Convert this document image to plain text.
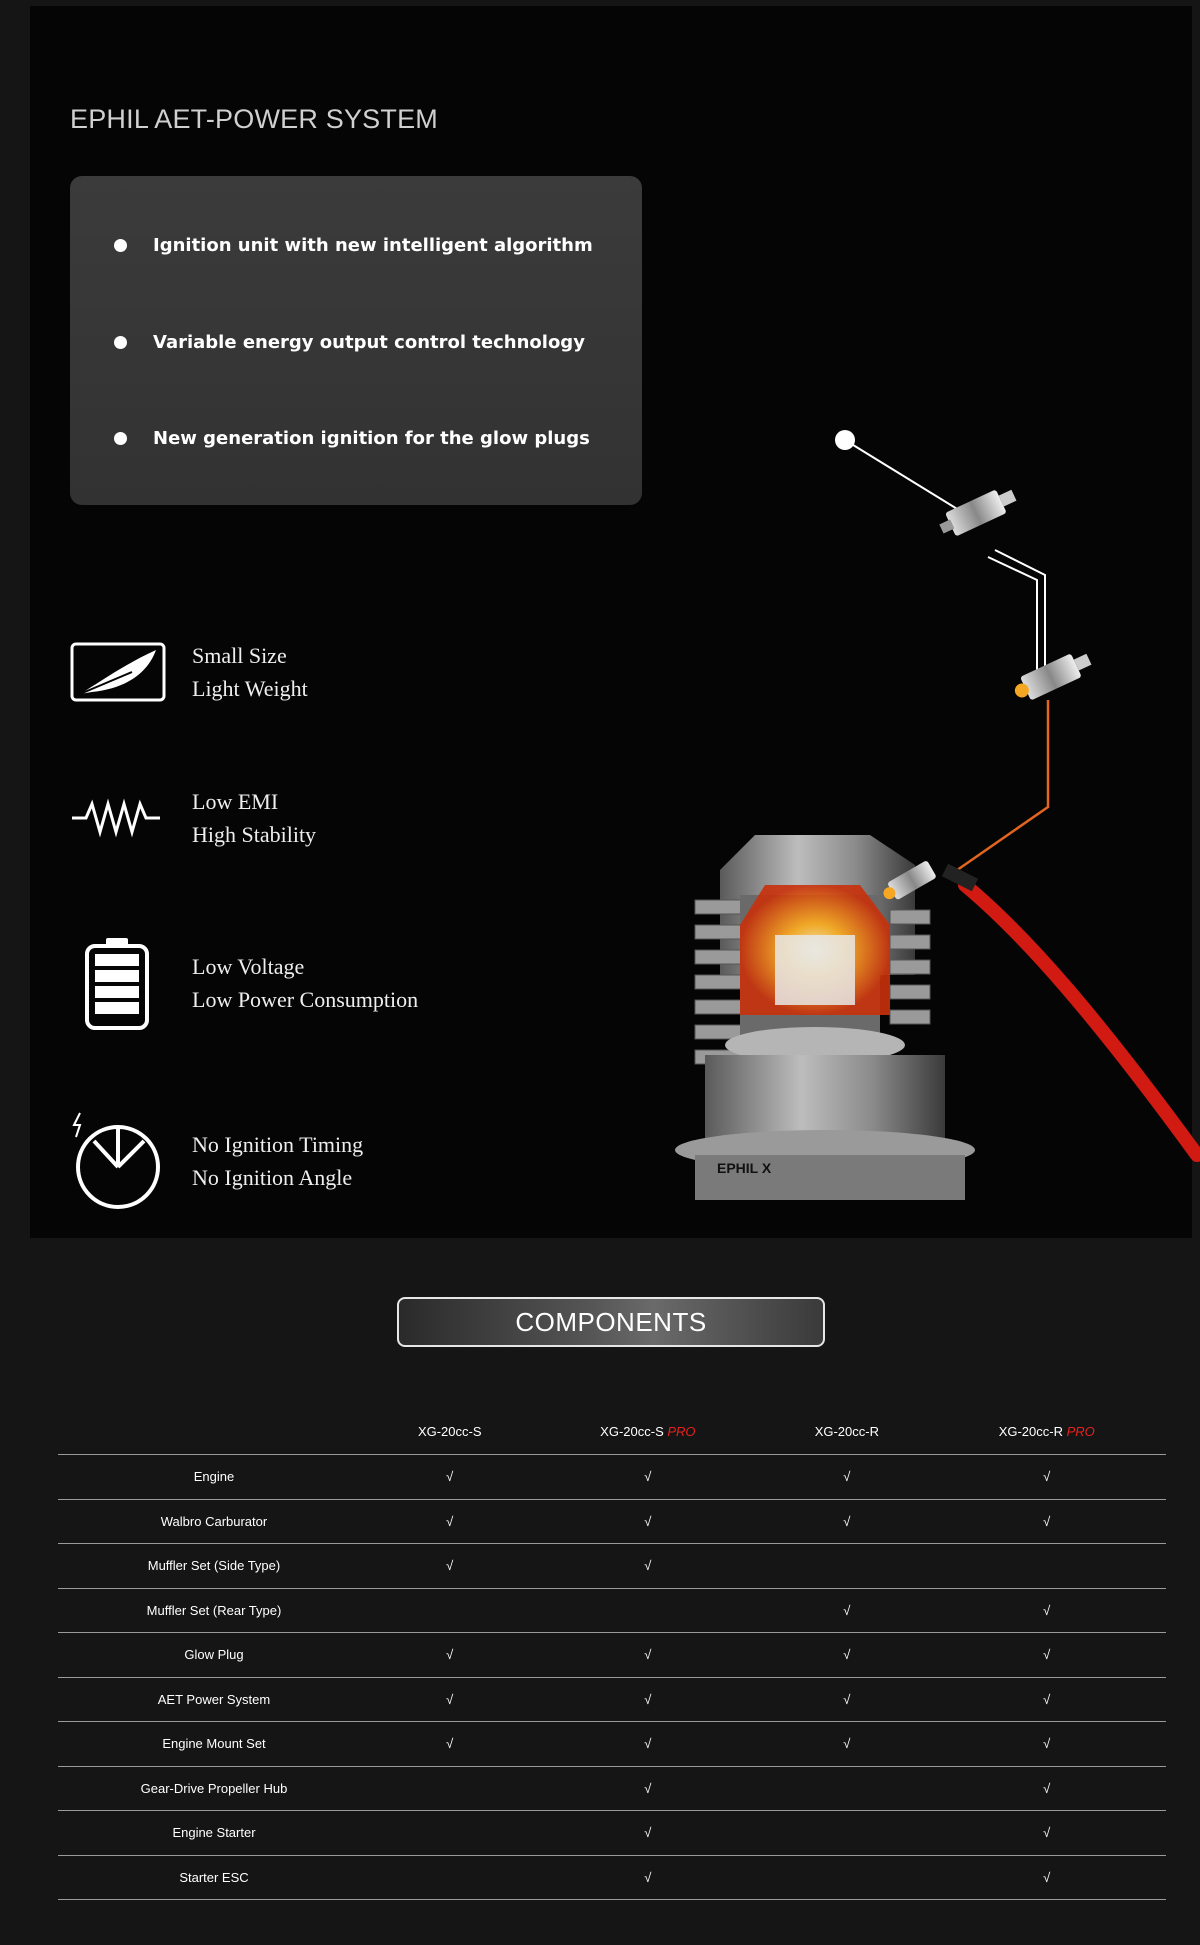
EPHIL AET-POWER SYSTEM
Ignition unit with new intelligent algorithm
Variable energy output control technology
New generation ignition for the glow plugs
Small Size
Light Weight
Low EMI
High Stability
Low Voltage
Low Power Consumption
No Ignition Timing
No Ignition Angle	EPHIL X
COMPONENTS
	XG-20cc-S	XG-20cc-S PRO	XG-20cc-R	XG-20cc-R PRO
Engine	√	√	√	√
Walbro Carburator	√	√	√	√
Muffler Set (Side Type)	√	√		
Muffler Set (Rear Type)			√	√
Glow Plug	√	√	√	√
AET Power System	√	√	√	√
Engine Mount Set	√	√	√	√
Gear-Drive Propeller Hub		√		√
Engine Starter		√		√
Starter ESC		√		√
